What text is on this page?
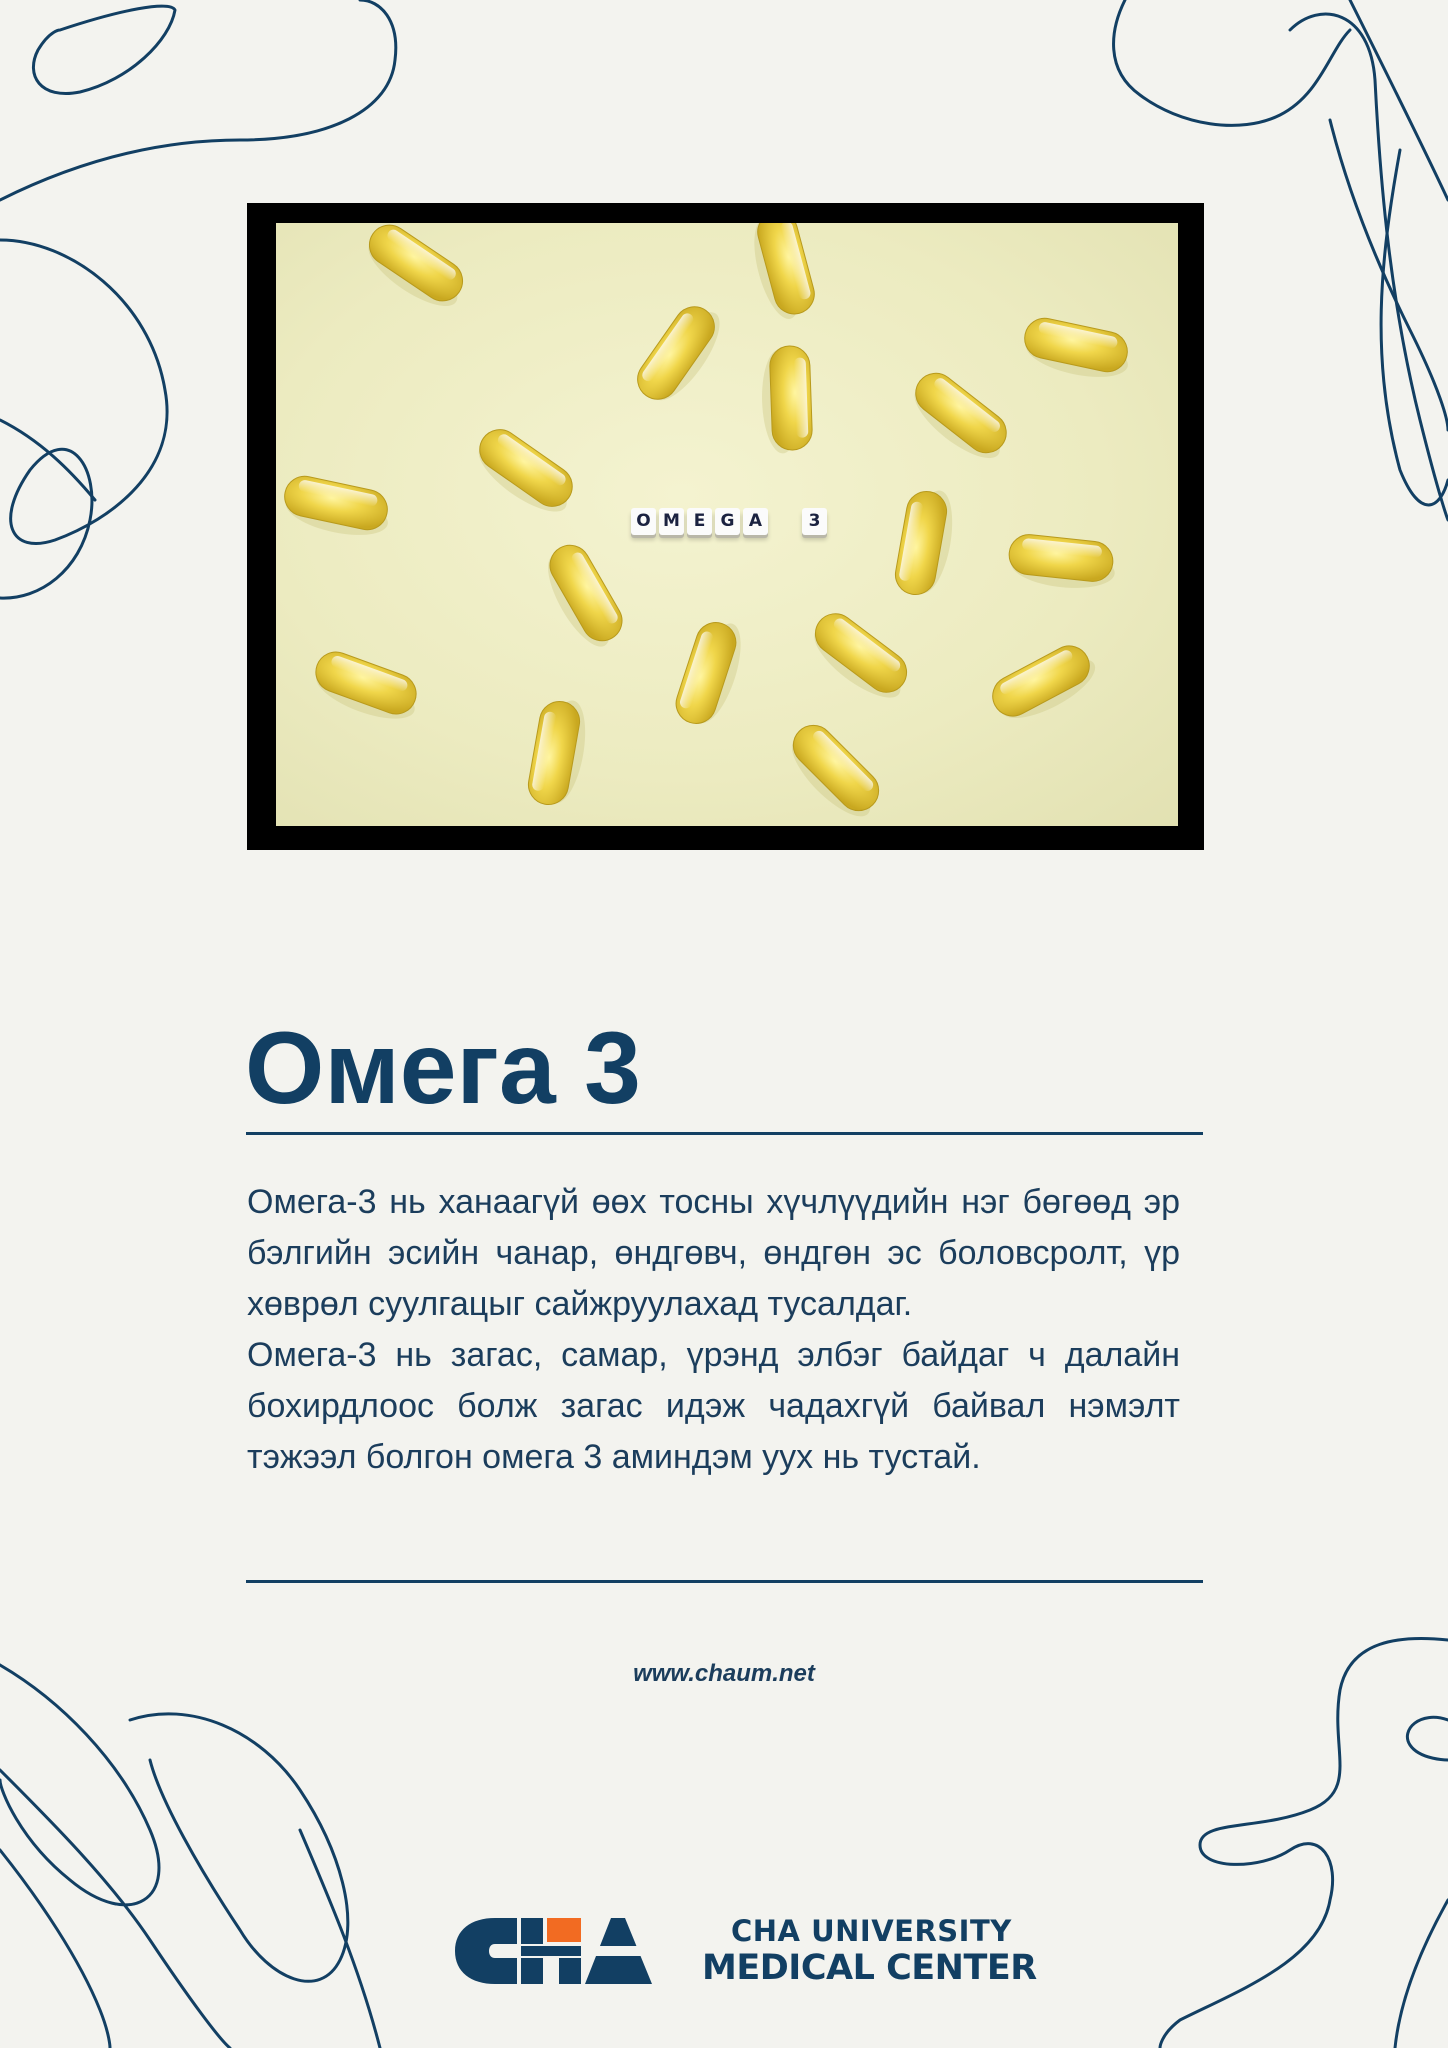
O M E G A	3
Омега 3

Омега-3 нь ханаагүй өөх тосны хүчлүүдийн нэг бөгөөд эр бэлгийн эсийн чанар, өндгөвч, өндгөн эс боловсролт, үр хөврөл суулгацыг сайжруулахад тусалдаг.

Омега-3 нь загас, самар, үрэнд элбэг байдаг ч далайн бохирдлоос болж загас идэж чадахгүй байвал нэмэлт тэжээл болгон омега 3 аминдэм уух нь тустай.

www.chaum.net
CHA UNIVERSITY
MEDICAL CENTER
